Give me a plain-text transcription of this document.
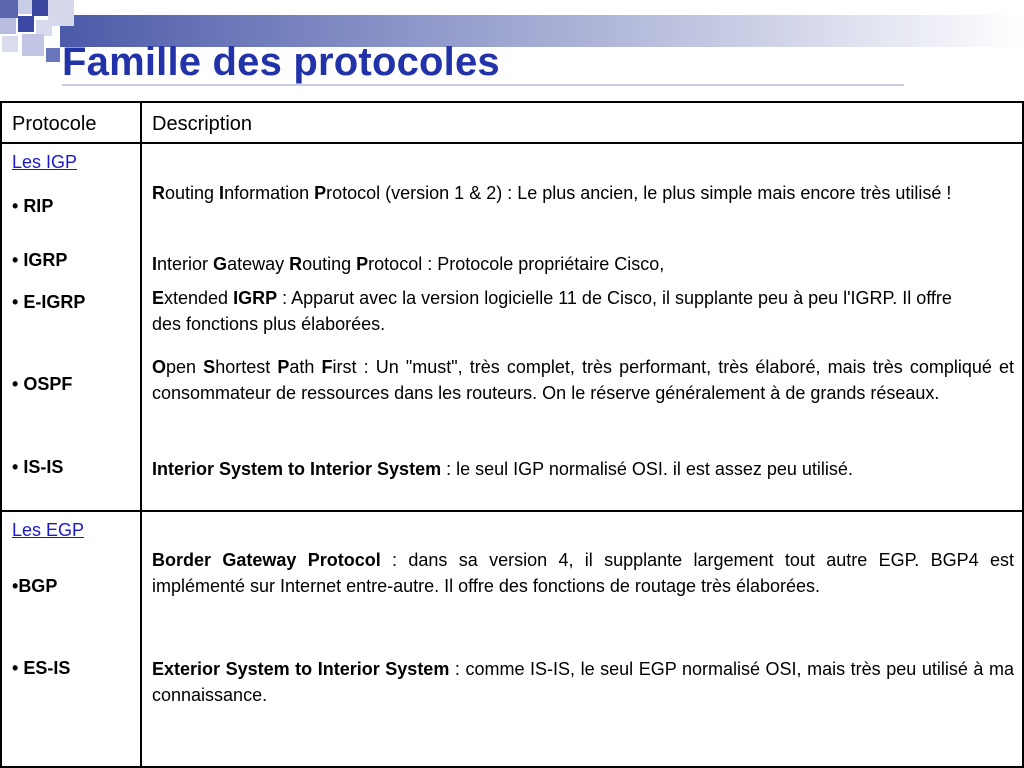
Famille des protocoles
Protocole	Description
Les IGP
• RIP
• IGRP
• E-IGRP
• OSPF
• IS-IS
Routing Information Protocol (version 1 & 2) : Le plus ancien, le plus simple mais encore très utilisé !
Interior Gateway Routing Protocol : Protocole propriétaire Cisco,
Extended IGRP : Apparut avec la version logicielle 11 de Cisco, il supplante peu à peu l'IGRP. Il offre des fonctions plus élaborées.
Open Shortest Path First : Un "must", très complet, très performant, très élaboré, mais très compliqué et consommateur de ressources dans les routeurs. On le réserve généralement à de grands réseaux.
Interior System to Interior System : le seul IGP normalisé OSI. il est assez peu utilisé.
Les EGP
•BGP
• ES-IS
Border Gateway Protocol : dans sa version 4, il supplante largement tout autre EGP. BGP4 est implémenté sur Internet entre-autre. Il offre des fonctions de routage très élaborées.
Exterior System to Interior System : comme IS-IS, le seul EGP normalisé OSI, mais très peu utilisé à ma connaissance.
